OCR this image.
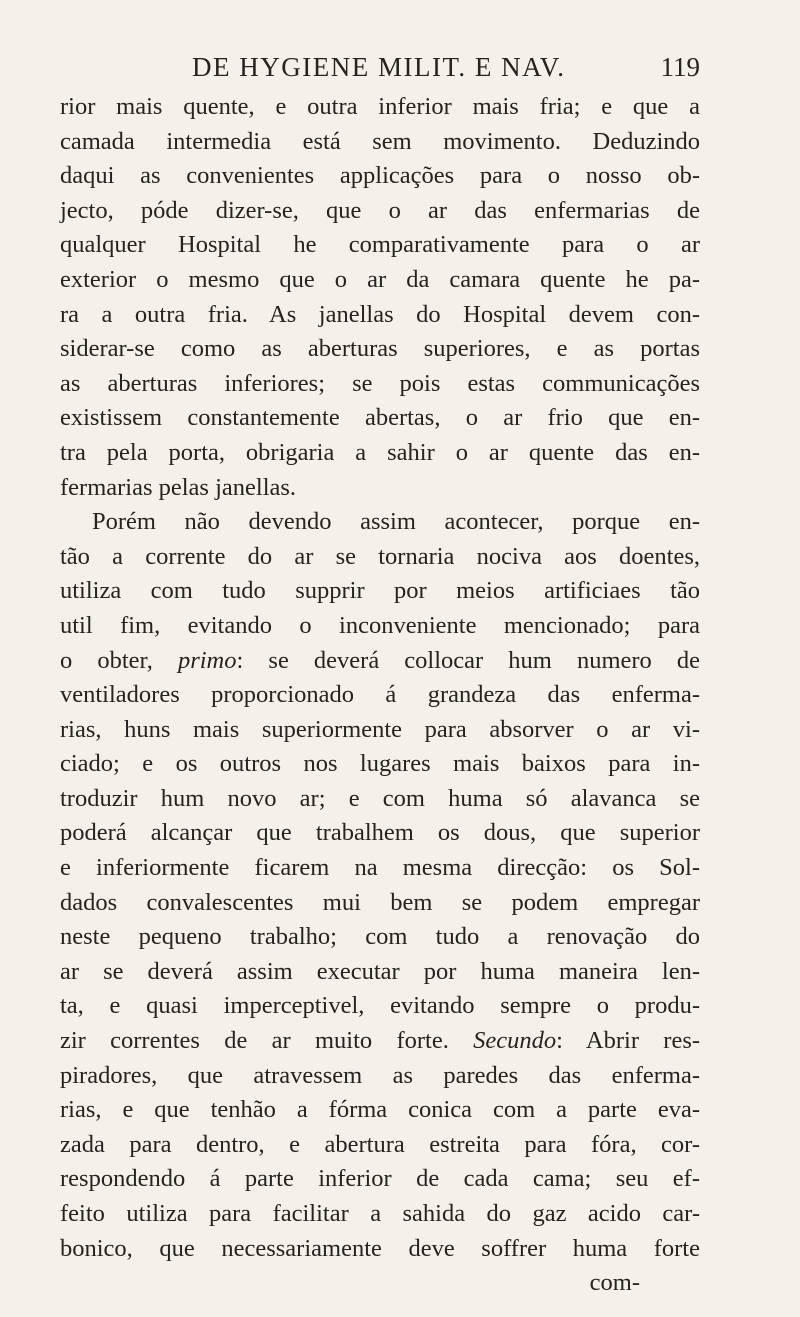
DE HYGIENE MILIT. E NAV.	119
rior mais quente, e outra inferior mais fria; e que a
camada intermedia está sem movimento. Deduzindo
daqui as convenientes applicações para o nosso ob-
jecto, póde dizer-se, que o ar das enfermarias de
qualquer Hospital he comparativamente para o ar
exterior o mesmo que o ar da camara quente he pa-
ra a outra fria. As janellas do Hospital devem con-
siderar-se como as aberturas superiores, e as portas
as aberturas inferiores; se pois estas communicações
existissem constantemente abertas, o ar frio que en-
tra pela porta, obrigaria a sahir o ar quente das en-
fermarias pelas janellas.
Porém não devendo assim acontecer, porque en-
tão a corrente do ar se tornaria nociva aos doentes,
utiliza com tudo supprir por meios artificiaes tão
util fim, evitando o inconveniente mencionado; para
o obter, primo: se deverá collocar hum numero de
ventiladores proporcionado á grandeza das enferma-
rias, huns mais superiormente para absorver o ar vi-
ciado; e os outros nos lugares mais baixos para in-
troduzir hum novo ar; e com huma só alavanca se
poderá alcançar que trabalhem os dous, que superior
e inferiormente ficarem na mesma direcção: os Sol-
dados convalescentes mui bem se podem empregar
neste pequeno trabalho; com tudo a renovação do
ar se deverá assim executar por huma maneira len-
ta, e quasi imperceptivel, evitando sempre o produ-
zir correntes de ar muito forte. Secundo: Abrir res-
piradores, que atravessem as paredes das enferma-
rias, e que tenhão a fórma conica com a parte eva-
zada para dentro, e abertura estreita para fóra, cor-
respondendo á parte inferior de cada cama; seu ef-
feito utiliza para facilitar a sahida do gaz acido car-
bonico, que necessariamente deve soffrer huma forte
com-
